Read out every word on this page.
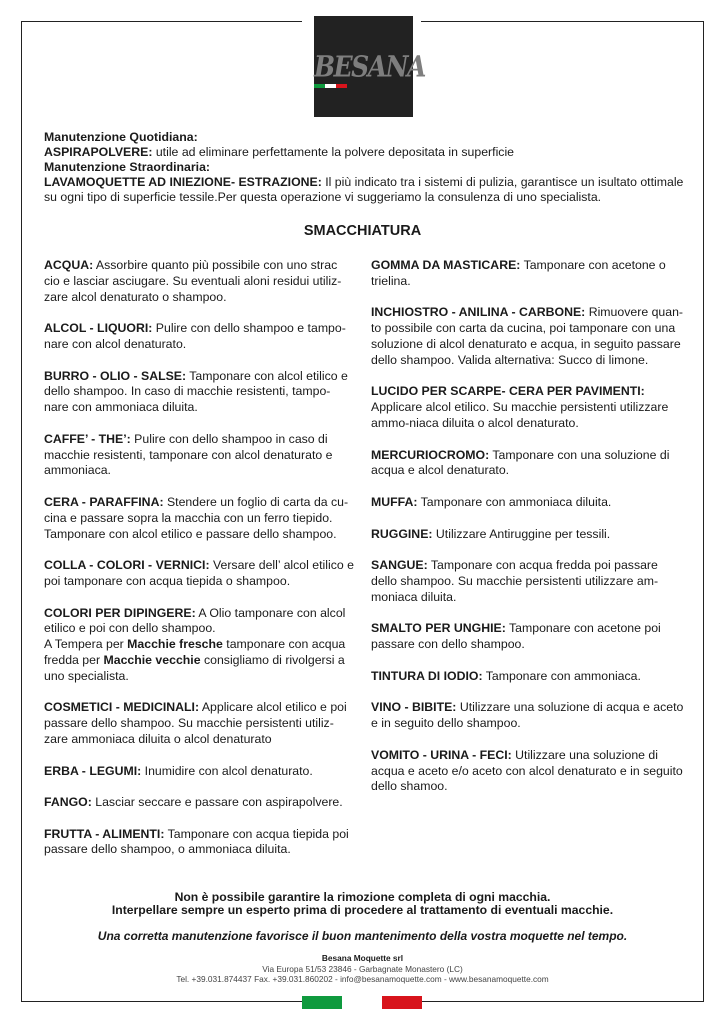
BESANA

Manutenzione Quotidiana:

ASPIRAPOLVERE: utile ad eliminare perfettamente la polvere depositata in superficie

Manutenzione Straordinaria:

LAVAMOQUETTE AD INIEZIONE- ESTRAZIONE: Il più indicato tra i sistemi di pulizia, garantisce un isultato ottimale su ogni tipo di superficie tessile.Per questa operazione vi suggeriamo la consulenza di uno specialista.

SMACCHIATURA
ACQUA: Assorbire quanto più possibile con uno strac cio e lasciar asciugare. Su eventuali aloni residui utiliz-zare alcol denaturato o shampoo.
ALCOL - LIQUORI: Pulire con dello shampoo e tampo-nare con alcol denaturato.
BURRO - OLIO - SALSE: Tamponare con alcol etilico e dello shampoo. In caso di macchie resistenti, tampo-nare con ammoniaca diluita.
CAFFE’ - THE’: Pulire con dello shampoo in caso di macchie resistenti, tamponare con alcol denaturato e ammoniaca.
CERA - PARAFFINA: Stendere un foglio di carta da cu-cina e passare sopra la macchia con un ferro tiepido. Tamponare con alcol etilico e passare dello shampoo.
COLLA - COLORI - VERNICI: Versare dell’ alcol etilico e poi tamponare con acqua tiepida o shampoo.
COLORI PER DIPINGERE: A Olio tamponare con alcol etilico e poi con dello shampoo.
A Tempera per Macchie fresche tamponare con acqua fredda per Macchie vecchie consigliamo di rivolgersi a uno specialista.
COSMETICI - MEDICINALI: Applicare alcol etilico e poi passare dello shampoo. Su macchie persistenti utiliz-zare ammoniaca diluita o alcol denaturato
ERBA - LEGUMI: Inumidire con alcol denaturato.
FANGO: Lasciar seccare e passare con aspirapolvere.
FRUTTA - ALIMENTI: Tamponare con acqua tiepida poi passare dello shampoo, o ammoniaca diluita.
GOMMA DA MASTICARE: Tamponare con acetone o trielina.
INCHIOSTRO - ANILINA - CARBONE: Rimuovere quan-to possibile con carta da cucina, poi tamponare con una soluzione di alcol denaturato e acqua, in seguito passare dello shampoo. Valida alternativa: Succo di limone.
LUCIDO PER SCARPE- CERA PER PAVIMENTI: Applicare alcol etilico. Su macchie persistenti utilizzare ammo-niaca diluita o alcol denaturato.
MERCURIOCROMO: Tamponare con una soluzione di acqua e alcol denaturato.
MUFFA: Tamponare con ammoniaca diluita.
RUGGINE: Utilizzare Antiruggine per tessili.
SANGUE: Tamponare con acqua fredda poi passare dello shampoo. Su macchie persistenti utilizzare am-moniaca diluita.
SMALTO PER UNGHIE: Tamponare con acetone poi passare con dello shampoo.
TINTURA DI IODIO: Tamponare con ammoniaca.
VINO - BIBITE: Utilizzare una soluzione di acqua e aceto e in seguito dello shampoo.
VOMITO - URINA - FECI: Utilizzare una soluzione di acqua e aceto e/o aceto con alcol denaturato e in seguito dello shamoo.
Non è possibile garantire la rimozione completa di ogni macchia.
Interpellare sempre un esperto prima di procedere al trattamento di eventuali macchie.
Una corretta manutenzione favorisce il buon mantenimento della vostra moquette nel tempo.
Besana Moquette srl
Via Europa 51/53 23846 - Garbagnate Monastero (LC)
Tel. +39.031.874437 Fax. +39.031.860202 - info@besanamoquette.com - www.besanamoquette.com
